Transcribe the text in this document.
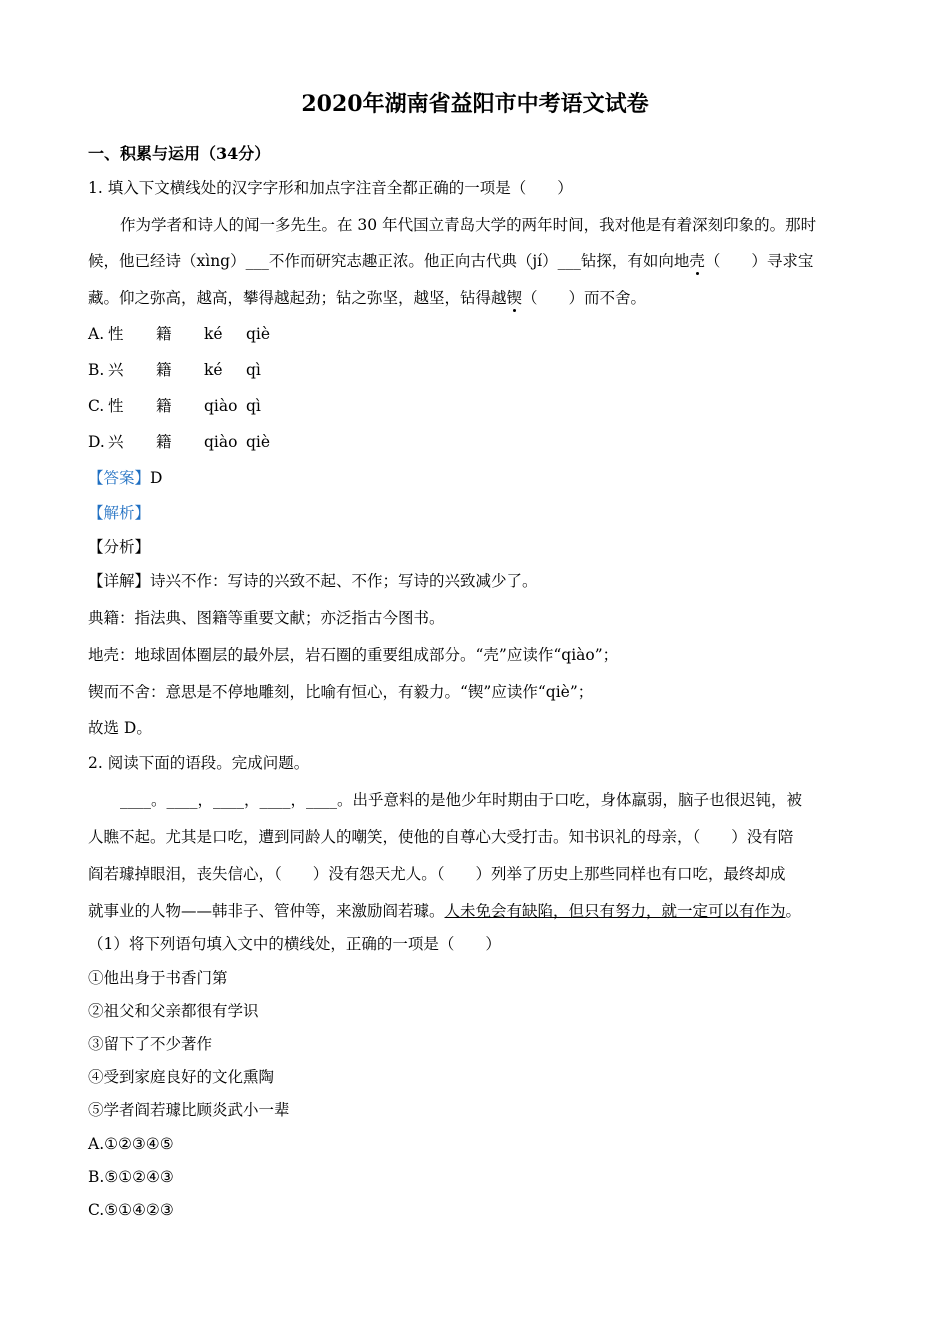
2020年湖南省益阳市中考语文试卷
一、积累与运用（34分）
1. 填入下文横线处的汉字字形和加点字注音全都正确的一项是（　　）
作为学者和诗人的闻一多先生。在 30 年代国立青岛大学的两年时间，我对他是有着深刻印象的。那时
候，他已经诗（xìng）___不作而研究志趣正浓。他正向古代典（jí）___钻探，有如向地壳（　　）寻求宝
藏。仰之弥高，越高，攀得越起劲；钻之弥坚，越坚，钻得越锲（　　）而不舍。
A. 性 籍 ké qiè
B. 兴 籍 ké qì
C. 性 籍 qiào qì
D. 兴 籍 qiào qiè
【答案】D
【解析】
【分析】
【详解】诗兴不作：写诗的兴致不起、不作；写诗的兴致减少了。
典籍：指法典、图籍等重要文献；亦泛指古今图书。
地壳：地球固体圈层的最外层，岩石圈的重要组成部分。“壳”应读作“qiào”；
锲而不舍：意思是不停地雕刻，比喻有恒心，有毅力。“锲”应读作“qiè”；
故选 D。
2. 阅读下面的语段。完成问题。
____。____，____，____，____。出乎意料的是他少年时期由于口吃，身体羸弱，脑子也很迟钝，被
人瞧不起。尤其是口吃，遭到同龄人的嘲笑，使他的自尊心大受打击。知书识礼的母亲，（　　）没有陪
阎若璩掉眼泪，丧失信心，（　　）没有怨天尤人。（　　）列举了历史上那些同样也有口吃，最终却成
就事业的人物——韩非子、管仲等，来激励阎若璩。人未免会有缺陷，但只有努力，就一定可以有作为。
（1）将下列语句填入文中的横线处，正确的一项是（　　）
①他出身于书香门第
②祖父和父亲都很有学识
③留下了不少著作
④受到家庭良好的文化熏陶
⑤学者阎若璩比顾炎武小一辈
A.①②③④⑤
B.⑤①②④③
C.⑤①④②③
